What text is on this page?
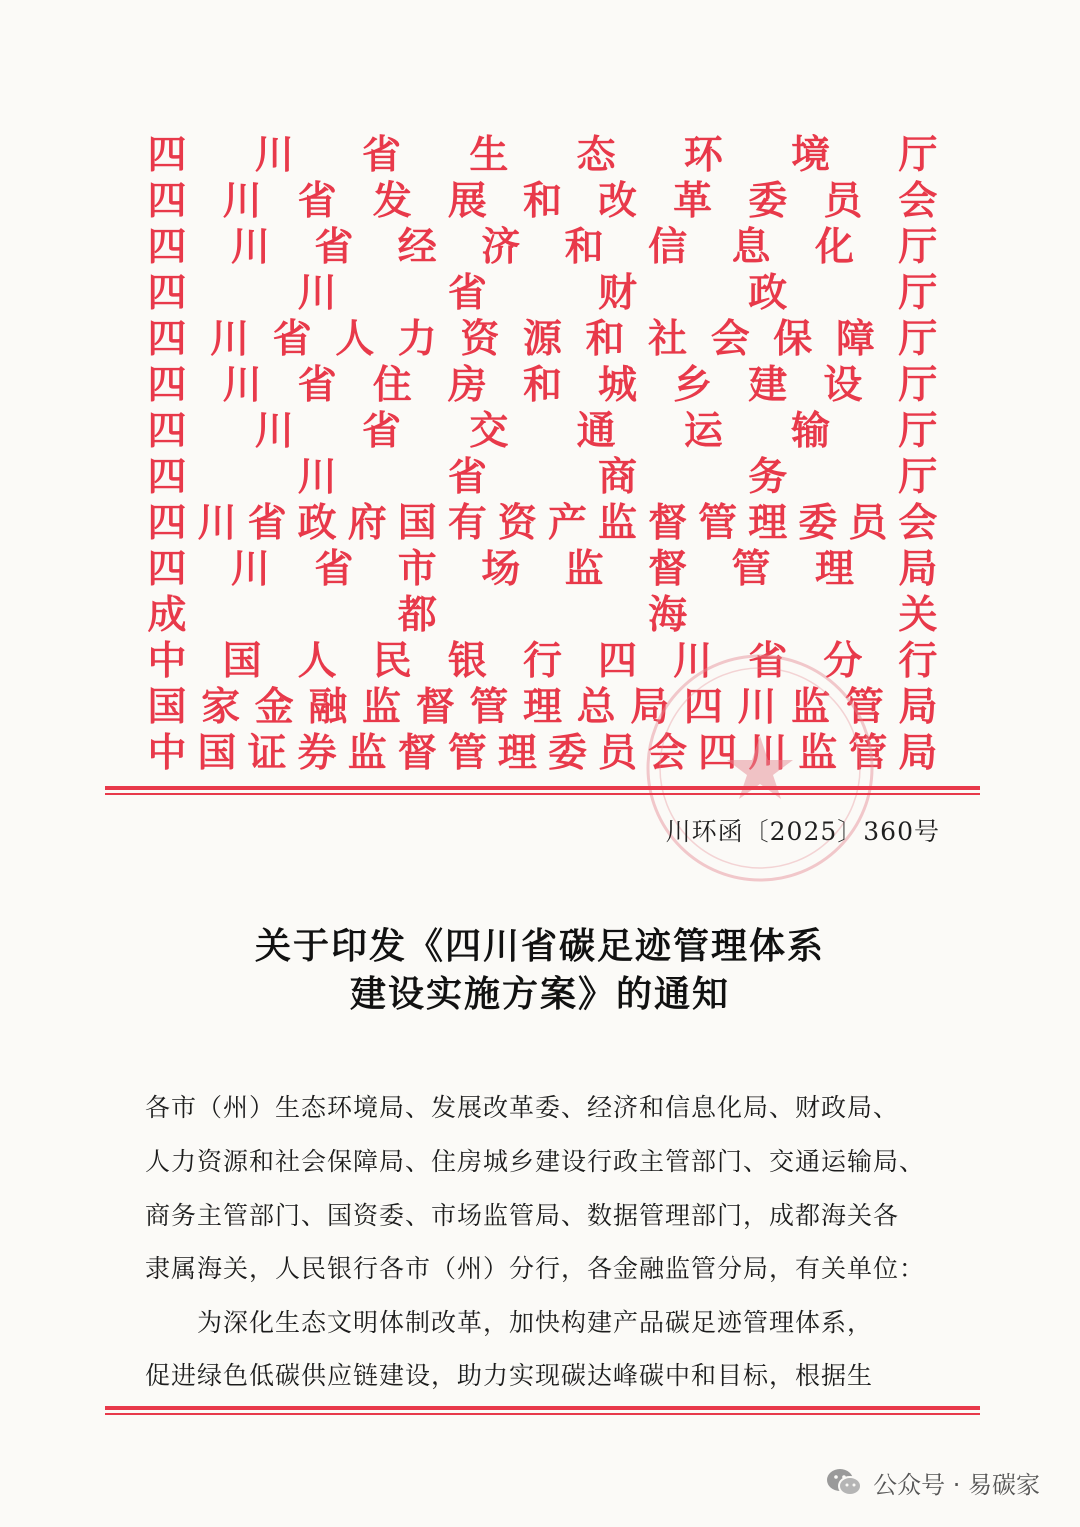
四 川 省 生 态 环 境 厅
四 川 省 发 展 和 改 革 委 员 会
四 川 省 经 济 和 信 息 化 厅
四	川	省	财	政	厅
四 川 省 人 力 资 源 和 社 会 保 障 厅
四 川 省 住 房 和 城 乡 建 设 厅
四 川 省 交 通 运 输 厅
四	川	省	商	务	厅
四 川 省 政 府 国 有 资 产 监 督 管 理 委 员 会
四 川 省 市 场 监 督 管 理 局
成	都	海	关
中 国 人 民 银 行 四 川 省 分 行
国 家 金 融 监 督 管 理 总 局 四 川 监 管 局
中 国 证 券 监 督 管 理 委 员 会 四 川 监 管 局
川环函〔2025〕360号
关于印发《四川省碳足迹管理体系
建设实施方案》的通知
各市（州）生态环境局、发展改革委、经济和信息化局、财政局、
人力资源和社会保障局、住房城乡建设行政主管部门、交通运输局、
商务主管部门、国资委、市场监管局、数据管理部门，成都海关各
隶属海关，人民银行各市（州）分行，各金融监管分局，有关单位：
　　为深化生态文明体制改革，加快构建产品碳足迹管理体系，
促进绿色低碳供应链建设，助力实现碳达峰碳中和目标，根据生
公众号 · 易碳家
